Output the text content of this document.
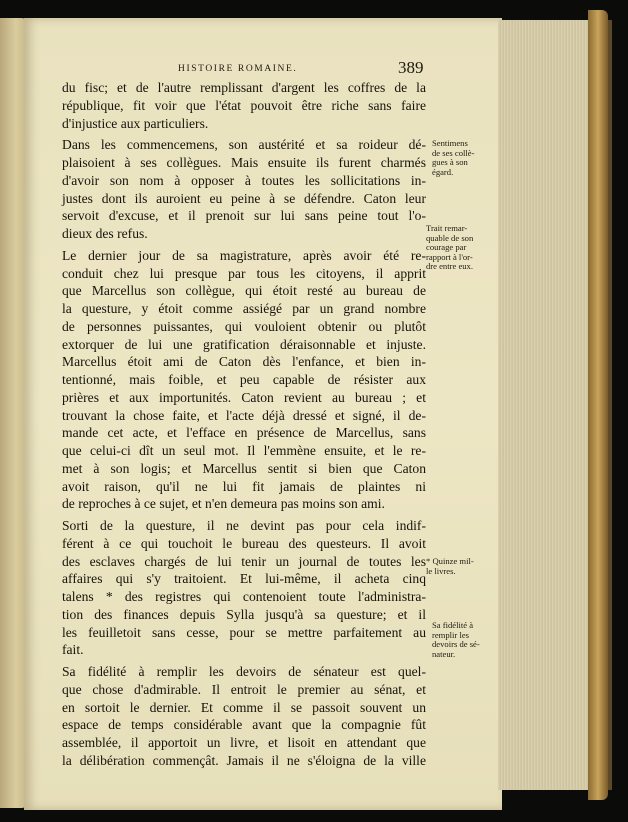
HISTOIRE ROMAINE.	389
du fisc; et de l'autre remplissant d'argent les coffres de la
république, fit voir que l'état pouvoit être riche sans faire
d'injustice aux particuliers.
Dans les commencemens, son austérité et sa roideur dé-
plaisoient à ses collègues. Mais ensuite ils furent charmés
d'avoir son nom à opposer à toutes les sollicitations in-
justes dont ils auroient eu peine à se défendre. Caton leur
servoit d'excuse, et il prenoit sur lui sans peine tout l'o-
dieux des refus.
Le dernier jour de sa magistrature, après avoir été re-
conduit chez lui presque par tous les citoyens, il apprit
que Marcellus son collègue, qui étoit resté au bureau de
la questure, y étoit comme assiégé par un grand nombre
de personnes puissantes, qui vouloient obtenir ou plutôt
extorquer de lui une gratification déraisonnable et injuste.
Marcellus étoit ami de Caton dès l'enfance, et bien in-
tentionné, mais foible, et peu capable de résister aux
prières et aux importunités. Caton revient au bureau ; et
trouvant la chose faite, et l'acte déjà dressé et signé, il de-
mande cet acte, et l'efface en présence de Marcellus, sans
que celui-ci dît un seul mot. Il l'emmène ensuite, et le re-
met à son logis; et Marcellus sentit si bien que Caton
avoit raison, qu'il ne lui fit jamais de plaintes ni
de reproches à ce sujet, et n'en demeura pas moins son ami.
Sorti de la questure, il ne devint pas pour cela indif-
férent à ce qui touchoit le bureau des questeurs. Il avoit
des esclaves chargés de lui tenir un journal de toutes les
affaires qui s'y traitoient. Et lui-même, il acheta cinq
talens * des registres qui contenoient toute l'administra-
tion des finances depuis Sylla jusqu'à sa questure; et il
les feuilletoit sans cesse, pour se mettre parfaitement au
fait.
Sa fidélité à remplir les devoirs de sénateur est quel-
que chose d'admirable. Il entroit le premier au sénat, et
en sortoit le dernier. Et comme il se passoit souvent un
espace de temps considérable avant que la compagnie fût
assemblée, il apportoit un livre, et lisoit en attendant que
la délibération commençât. Jamais il ne s'éloigna de la ville
Sentimens
de ses collè-
gues à son
égard.
Trait remar-
quable de son
courage par
rapport à l'or-
dre entre eux.
* Quinze mil-
le livres.
Sa fidélité à
remplir les
devoirs de sé-
nateur.
